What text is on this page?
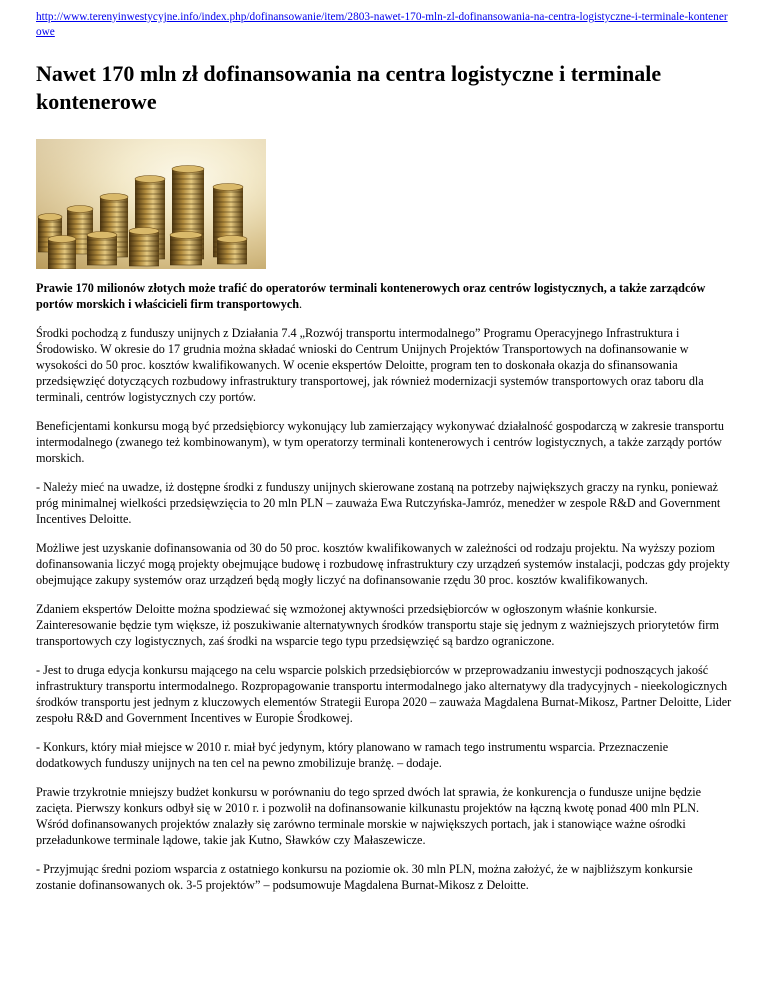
http://www.terenyinwestycyjne.info/index.php/dofinansowanie/item/2803-nawet-170-mln-zl-dofinansowania-na-centra-logistyczne-i-terminale-kontenerowe
Nawet 170 mln zł dofinansowania na centra logistyczne i terminale kontenerowe

Prawie 170 milionów złotych może trafić do operatorów terminali kontenerowych oraz centrów logistycznych, a także zarządców portów morskich i właścicieli firm transportowych.

Środki pochodzą z funduszy unijnych z Działania 7.4 „Rozwój transportu intermodalnego” Programu Operacyjnego Infrastruktura i Środowisko. W okresie do 17 grudnia można składać wnioski do Centrum Unijnych Projektów Transportowych na dofinansowanie w wysokości do 50 proc. kosztów kwalifikowanych. W ocenie ekspertów Deloitte, program ten to doskonała okazja do sfinansowania przedsięwzięć dotyczących rozbudowy infrastruktury transportowej, jak również modernizacji systemów transportowych oraz taboru dla terminali, centrów logistycznych czy portów.

Beneficjentami konkursu mogą być przedsiębiorcy wykonujący lub zamierzający wykonywać działalność gospodarczą w zakresie transportu intermodalnego (zwanego też kombinowanym), w tym operatorzy terminali kontenerowych i centrów logistycznych, a także zarządy portów morskich.

- Należy mieć na uwadze, iż dostępne środki z funduszy unijnych skierowane zostaną na potrzeby największych graczy na rynku, ponieważ próg minimalnej wielkości przedsięwzięcia to 20 mln PLN – zauważa Ewa Rutczyńska-Jamróz, menedżer w zespole R&D and Government Incentives Deloitte.

Możliwe jest uzyskanie dofinansowania od 30 do 50 proc. kosztów kwalifikowanych w zależności od rodzaju projektu. Na wyższy poziom dofinansowania liczyć mogą projekty obejmujące budowę i rozbudowę infrastruktury czy urządzeń systemów instalacji, podczas gdy projekty obejmujące zakupy systemów oraz urządzeń będą mogły liczyć na dofinansowanie rzędu 30 proc. kosztów kwalifikowanych.

Zdaniem ekspertów Deloitte można spodziewać się wzmożonej aktywności przedsiębiorców w ogłoszonym właśnie konkursie. Zainteresowanie będzie tym większe, iż poszukiwanie alternatywnych środków transportu staje się jednym z ważniejszych priorytetów firm transportowych czy logistycznych, zaś środki na wsparcie tego typu przedsięwzięć są bardzo ograniczone.

- Jest to druga edycja konkursu mającego na celu wsparcie polskich przedsiębiorców w przeprowadzaniu inwestycji podnoszących jakość infrastruktury transportu intermodalnego. Rozpropagowanie transportu intermodalnego jako alternatywy dla tradycyjnych - nieekologicznych środków transportu jest jednym z kluczowych elementów Strategii Europa 2020 – zauważa Magdalena Burnat-Mikosz, Partner Deloitte, Lider zespołu R&D and Government Incentives w Europie Środkowej.

- Konkurs, który miał miejsce w 2010 r. miał być jedynym, który planowano w ramach tego instrumentu wsparcia. Przeznaczenie dodatkowych funduszy unijnych na ten cel na pewno zmobilizuje branżę. – dodaje.

Prawie trzykrotnie mniejszy budżet konkursu w porównaniu do tego sprzed dwóch lat sprawia, że konkurencja o fundusze unijne będzie zacięta. Pierwszy konkurs odbył się w 2010 r. i pozwolił na dofinansowanie kilkunastu projektów na łączną kwotę ponad 400 mln PLN. Wśród dofinansowanych projektów znalazły się zarówno terminale morskie w największych portach, jak i stanowiące ważne ośrodki przeładunkowe terminale lądowe, takie jak Kutno, Sławków czy Małaszewicze.

- Przyjmując średni poziom wsparcia z ostatniego konkursu na poziomie ok. 30 mln PLN, można założyć, że w najbliższym konkursie zostanie dofinansowanych ok. 3-5 projektów” – podsumowuje Magdalena Burnat-Mikosz z Deloitte.
